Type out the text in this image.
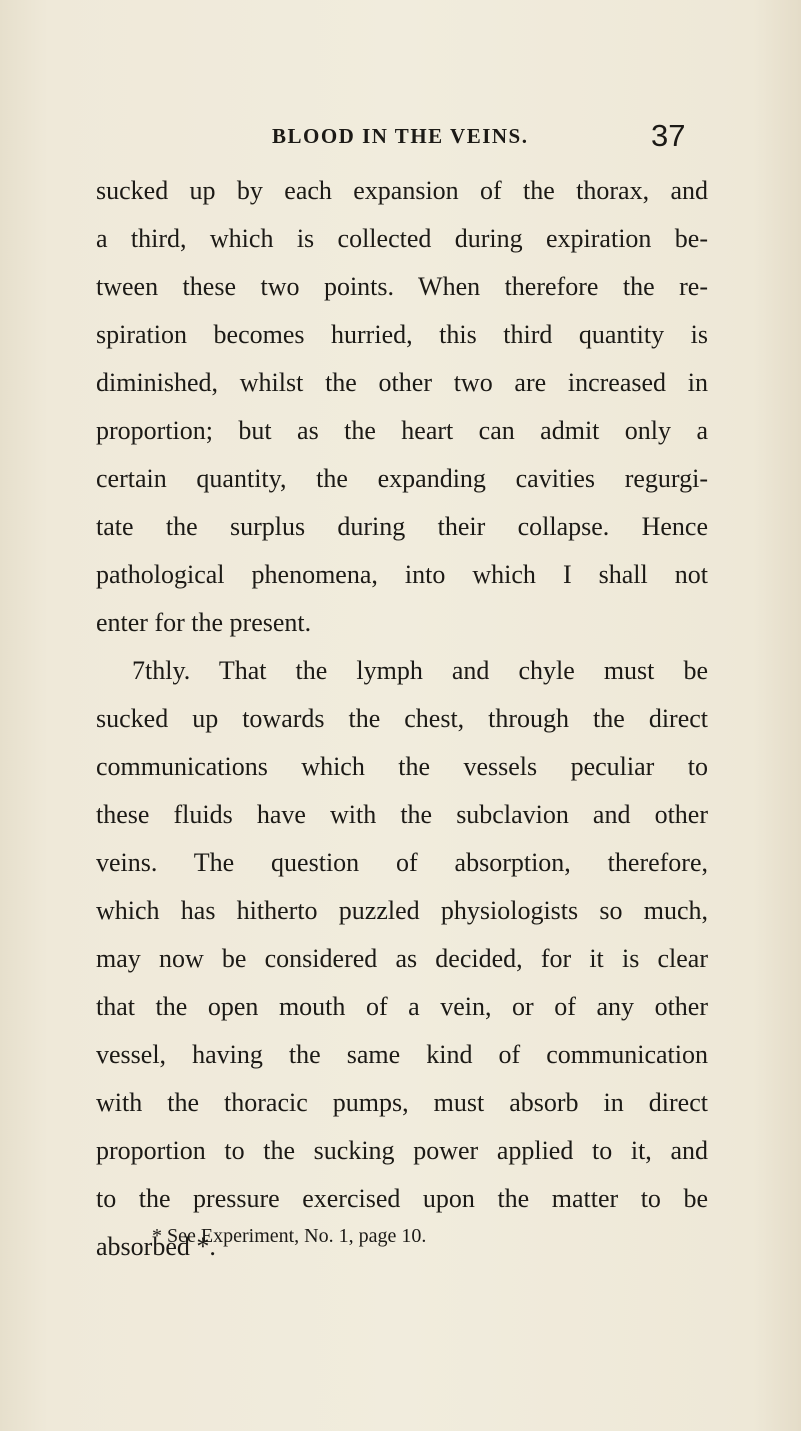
BLOOD IN THE VEINS.	37
sucked up by each expansion of the thorax, and
a third, which is collected during expiration be-
tween these two points. When therefore the re-
spiration becomes hurried, this third quantity is
diminished, whilst the other two are increased in
proportion; but as the heart can admit only a
certain quantity, the expanding cavities regurgi-
tate the surplus during their collapse. Hence
pathological phenomena, into which I shall not
enter for the present.
7thly. That the lymph and chyle must be
sucked up towards the chest, through the direct
communications which the vessels peculiar to
these fluids have with the subclavion and other
veins. The question of absorption, therefore,
which has hitherto puzzled physiologists so much,
may now be considered as decided, for it is clear
that the open mouth of a vein, or of any other
vessel, having the same kind of communication
with the thoracic pumps, must absorb in direct
proportion to the sucking power applied to it, and
to the pressure exercised upon the matter to be
absorbed *.
* See Experiment, No. 1, page 10.
